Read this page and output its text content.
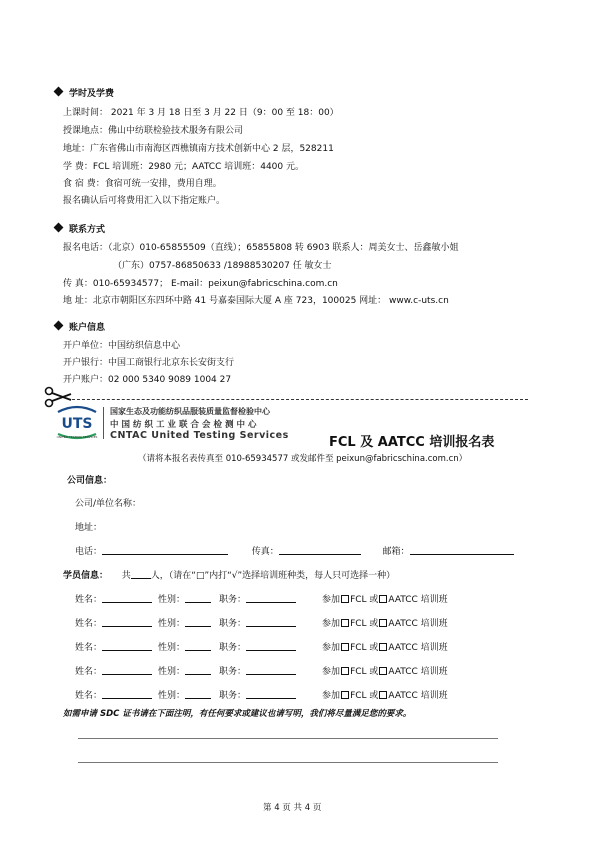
学时及学费
上课时间： 2021 年 3 月 18 日至 3 月 22 日（9：00 至 18：00）
授课地点：佛山中纺联检验技术服务有限公司
地址：广东省佛山市南海区西樵镇南方技术创新中心 2 层，528211
学 费：FCL 培训班：2980 元；AATCC 培训班：4400 元。
食 宿 费：食宿可统一安排，费用自理。
报名确认后可将费用汇入以下指定账户。
联系方式
报名电话：（北京）010-65855509（直线）；65855808 转 6903 联系人：周美女士、岳鑫敏小姐
（广东）0757-86850633 /18988530207 任 敏女士
传 真：010-65934577； E-mail：peixun@fabricschina.com.cn
地 址：北京市朝阳区东四环中路 41 号嘉泰国际大厦 A 座 723，100025 网址： www.c-uts.cn
账户信息
开户单位：中国纺织信息中心
开户银行：中国工商银行北京东长安街支行
开户账户：02 000 5340 9089 1004 27
UTS
UNITED TESTING SERVICES
国家生态及功能纺织品服装质量监督检验中心
中国纺织工业联合会检测中心
CNTAC United Testing Services	FCL 及 AATCC 培训报名表
（请将本报名表传真至 010-65934577 或发邮件至 peixun@fabricschina.com.cn）
公司信息：
公司/单位名称：
地址：
电话：	传真：	邮箱：
学员信息： 共 人，（请在“□”内打“√”选择培训班种类，每人只可选择一种）
姓名：	性别：	职务：	参加 FCL 或 AATCC 培训班
姓名：	性别：	职务：	参加 FCL 或 AATCC 培训班
姓名：	性别：	职务：	参加 FCL 或 AATCC 培训班
姓名：	性别：	职务：	参加 FCL 或 AATCC 培训班
姓名：	性别：	职务：	参加 FCL 或 AATCC 培训班
如需申请 SDC 证书请在下面注明，有任何要求或建议也请写明，我们将尽量满足您的要求。
第 4 页 共 4 页
